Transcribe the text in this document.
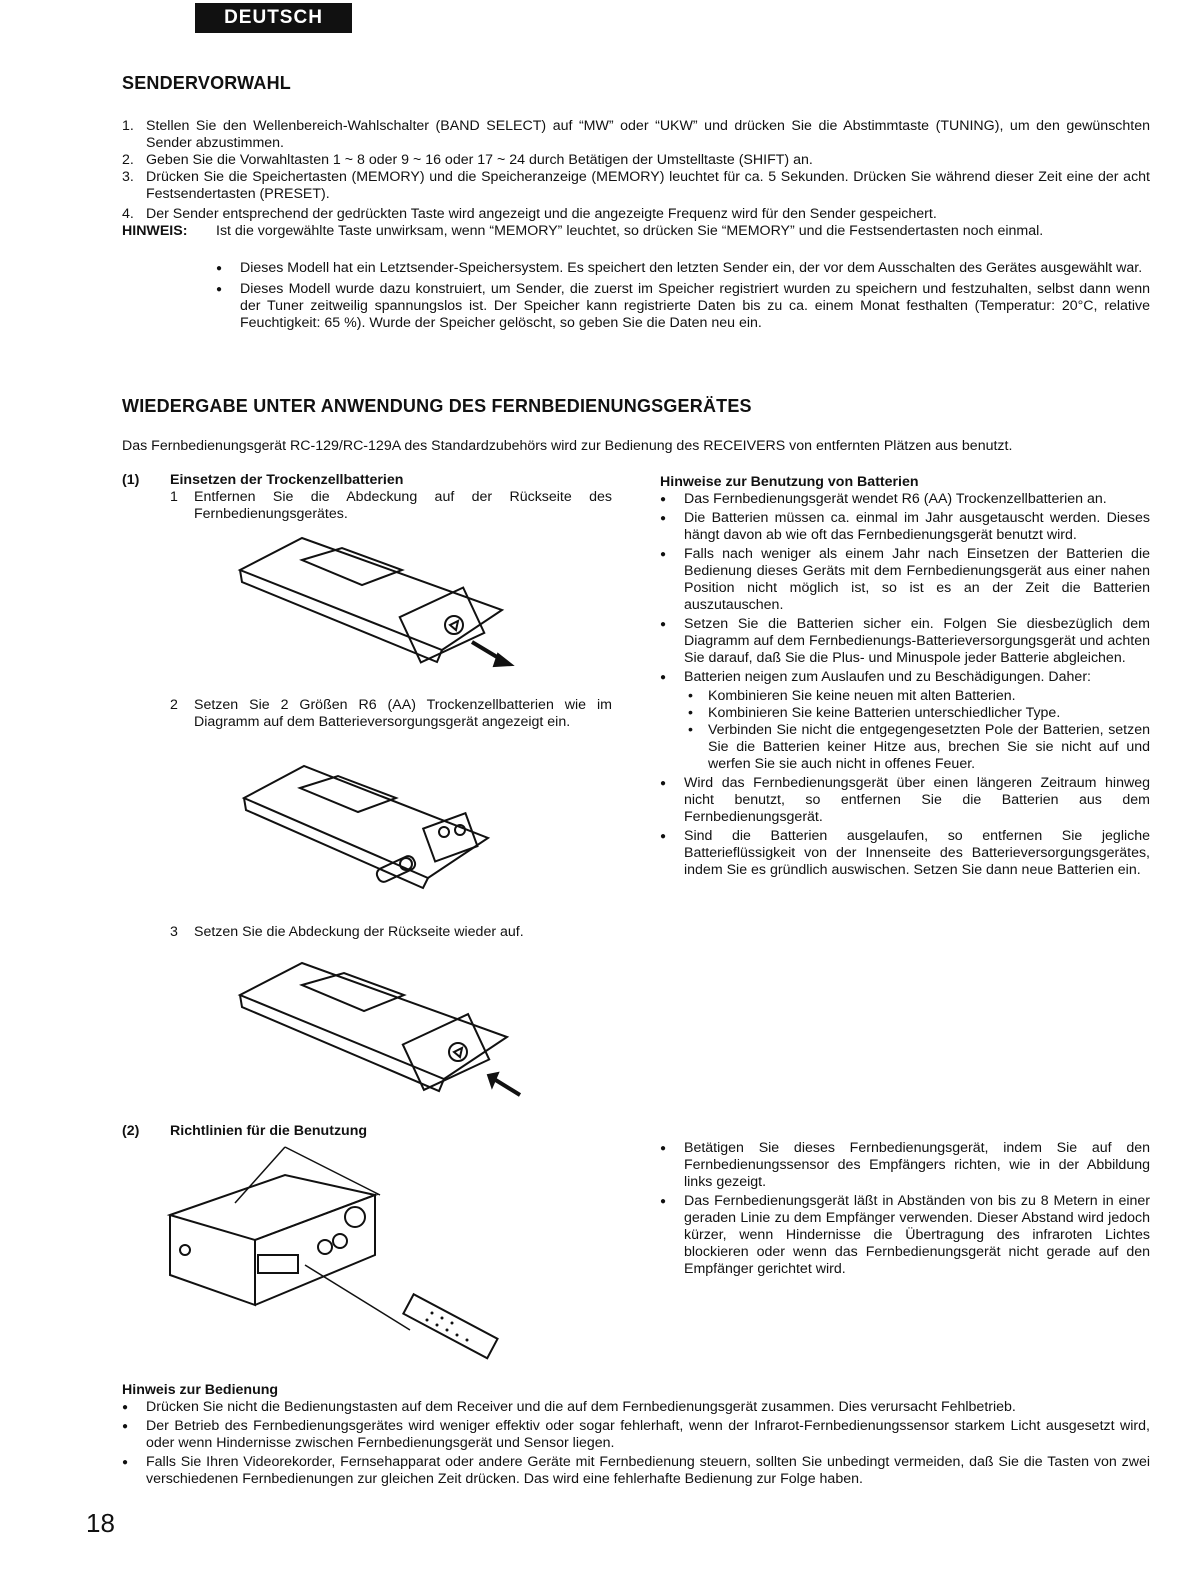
DEUTSCH
SENDERVORWAHL
1. Stellen Sie den Wellenbereich-Wahlschalter (BAND SELECT) auf “MW” oder “UKW” und drücken Sie die Abstimmtaste (TUNING), um den gewünschten Sender abzustimmen.
2. Geben Sie die Vorwahltasten 1 ~ 8 oder 9 ~ 16 oder 17 ~ 24 durch Betätigen der Umstelltaste (SHIFT) an.
3. Drücken Sie die Speichertasten (MEMORY) und die Speicheranzeige (MEMORY) leuchtet für ca. 5 Sekunden. Drücken Sie während dieser Zeit eine der acht Festsendertasten (PRESET).
4. Der Sender entsprechend der gedrückten Taste wird angezeigt und die angezeigte Frequenz wird für den Sender gespeichert.
HINWEIS: Ist die vorgewählte Taste unwirksam, wenn “MEMORY” leuchtet, so drücken Sie “MEMORY” und die Festsendertasten noch einmal.
● Dieses Modell hat ein Letztsender-Speichersystem. Es speichert den letzten Sender ein, der vor dem Ausschalten des Gerätes ausgewählt war.
● Dieses Modell wurde dazu konstruiert, um Sender, die zuerst im Speicher registriert wurden zu speichern und festzuhalten, selbst dann wenn der Tuner zeitweilig spannungslos ist. Der Speicher kann registrierte Daten bis zu ca. einem Monat festhalten (Temperatur: 20°C, relative Feuchtigkeit: 65 %). Wurde der Speicher gelöscht, so geben Sie die Daten neu ein.
WIEDERGABE UNTER ANWENDUNG DES FERNBEDIENUNGSGERÄTES
Das Fernbedienungsgerät RC-129/RC-129A des Standardzubehörs wird zur Bedienung des RECEIVERS von entfernten Plätzen aus benutzt.
(1) Einsetzen der Trockenzellbatterien
1 Entfernen Sie die Abdeckung auf der Rückseite des Fernbedienungsgerätes.
2 Setzen Sie 2 Größen R6 (AA) Trockenzellbatterien wie im Diagramm auf dem Batterieversorgungsgerät angezeigt ein.
3 Setzen Sie die Abdeckung der Rückseite wieder auf.
Hinweise zur Benutzung von Batterien
● Das Fernbedienungsgerät wendet R6 (AA) Trockenzellbatterien an.
● Die Batterien müssen ca. einmal im Jahr ausgetauscht werden. Dieses hängt davon ab wie oft das Fernbedienungsgerät benutzt wird.
● Falls nach weniger als einem Jahr nach Einsetzen der Batterien die Bedienung dieses Geräts mit dem Fernbedienungsgerät aus einer nahen Position nicht möglich ist, so ist es an der Zeit die Batterien auszutauschen.
● Setzen Sie die Batterien sicher ein. Folgen Sie diesbezüglich dem Diagramm auf dem Fernbedienungs-Batterieversorgungsgerät und achten Sie darauf, daß Sie die Plus- und Minuspole jeder Batterie abgleichen.
● Batterien neigen zum Auslaufen und zu Beschädigungen. Daher:
• Kombinieren Sie keine neuen mit alten Batterien.
• Kombinieren Sie keine Batterien unterschiedlicher Type.
• Verbinden Sie nicht die entgegengesetzten Pole der Batterien, setzen Sie die Batterien keiner Hitze aus, brechen Sie sie nicht auf und werfen Sie sie auch nicht in offenes Feuer.
● Wird das Fernbedienungsgerät über einen längeren Zeitraum hinweg nicht benutzt, so entfernen Sie die Batterien aus dem Fernbedienungsgerät.
● Sind die Batterien ausgelaufen, so entfernen Sie jegliche Batterieflüssigkeit von der Innenseite des Batterieversorgungsgerätes, indem Sie es gründlich auswischen. Setzen Sie dann neue Batterien ein.
(2) Richtlinien für die Benutzung
● Betätigen Sie dieses Fernbedienungsgerät, indem Sie auf den Fernbedienungssensor des Empfängers richten, wie in der Abbildung links gezeigt.
● Das Fernbedienungsgerät läßt in Abständen von bis zu 8 Metern in einer geraden Linie zu dem Empfänger verwenden. Dieser Abstand wird jedoch kürzer, wenn Hindernisse die Übertragung des infraroten Lichtes blockieren oder wenn das Fernbedienungsgerät nicht gerade auf den Empfänger gerichtet wird.
Hinweis zur Bedienung
● Drücken Sie nicht die Bedienungstasten auf dem Receiver und die auf dem Fernbedienungsgerät zusammen. Dies verursacht Fehlbetrieb.
● Der Betrieb des Fernbedienungsgerätes wird weniger effektiv oder sogar fehlerhaft, wenn der Infrarot-Fernbedienungssensor starkem Licht ausgesetzt wird, oder wenn Hindernisse zwischen Fernbedienungsgerät und Sensor liegen.
● Falls Sie Ihren Videorekorder, Fernsehapparat oder andere Geräte mit Fernbedienung steuern, sollten Sie unbedingt vermeiden, daß Sie die Tasten von zwei verschiedenen Fernbedienungen zur gleichen Zeit drücken. Das wird eine fehlerhafte Bedienung zur Folge haben.
18
